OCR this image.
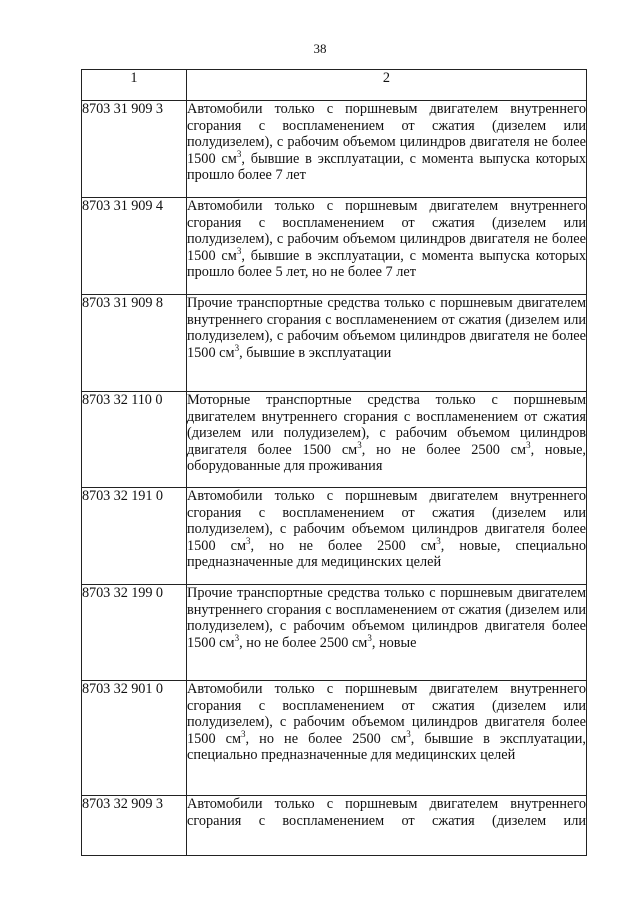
38
1	2
8703 31 909 3	Автомобили только с поршневым двигателем внутреннего сгорания с воспламенением от сжатия (дизелем или полудизелем), с рабочим объемом цилиндров двигателя не более 1500 $см^3$, бывшие в эксплуатации, с момента выпуска которых прошло более 7 лет
8703 31 909 4	Автомобили только с поршневым двигателем внутреннего сгорания с воспламенением от сжатия (дизелем или полудизелем), с рабочим объемом цилиндров двигателя не более 1500 $см^3$, бывшие в эксплуатации, с момента выпуска которых прошло более 5 лет, но не более 7 лет
8703 31 909 8	Прочие транспортные средства только с поршневым двигателем внутреннего сгорания с воспламенением от сжатия (дизелем или полудизелем), с рабочим объемом цилиндров двигателя не более 1500 $см^3$, бывшие в эксплуатации
8703 32 110 0	Моторные транспортные средства только с поршневым двигателем внутреннего сгорания с воспламенением от сжатия (дизелем или полудизелем), с рабочим объемом цилиндров двигателя более 1500 $см^3$, но не более 2500 $см^3$, новые, оборудованные для проживания
8703 32 191 0	Автомобили только с поршневым двигателем внутреннего сгорания с воспламенением от сжатия (дизелем или полудизелем), с рабочим объемом цилиндров двигателя более 1500 $см^3$, но не более 2500 $см^3$, новые, специально предназначенные для медицинских целей
8703 32 199 0	Прочие транспортные средства только с поршневым двигателем внутреннего сгорания с воспламенением от сжатия (дизелем или полудизелем), с рабочим объемом цилиндров двигателя более 1500 $см^3$, но не более 2500 $см^3$, новые
8703 32 901 0	Автомобили только с поршневым двигателем внутреннего сгорания с воспламенением от сжатия (дизелем или полудизелем), с рабочим объемом цилиндров двигателя более 1500 $см^3$, но не более 2500 $см^3$, бывшие в эксплуатации, специально предназначенные для медицинских целей
8703 32 909 3	Автомобили только с поршневым двигателем внутреннего сгорания с воспламенением от сжатия (дизелем или
